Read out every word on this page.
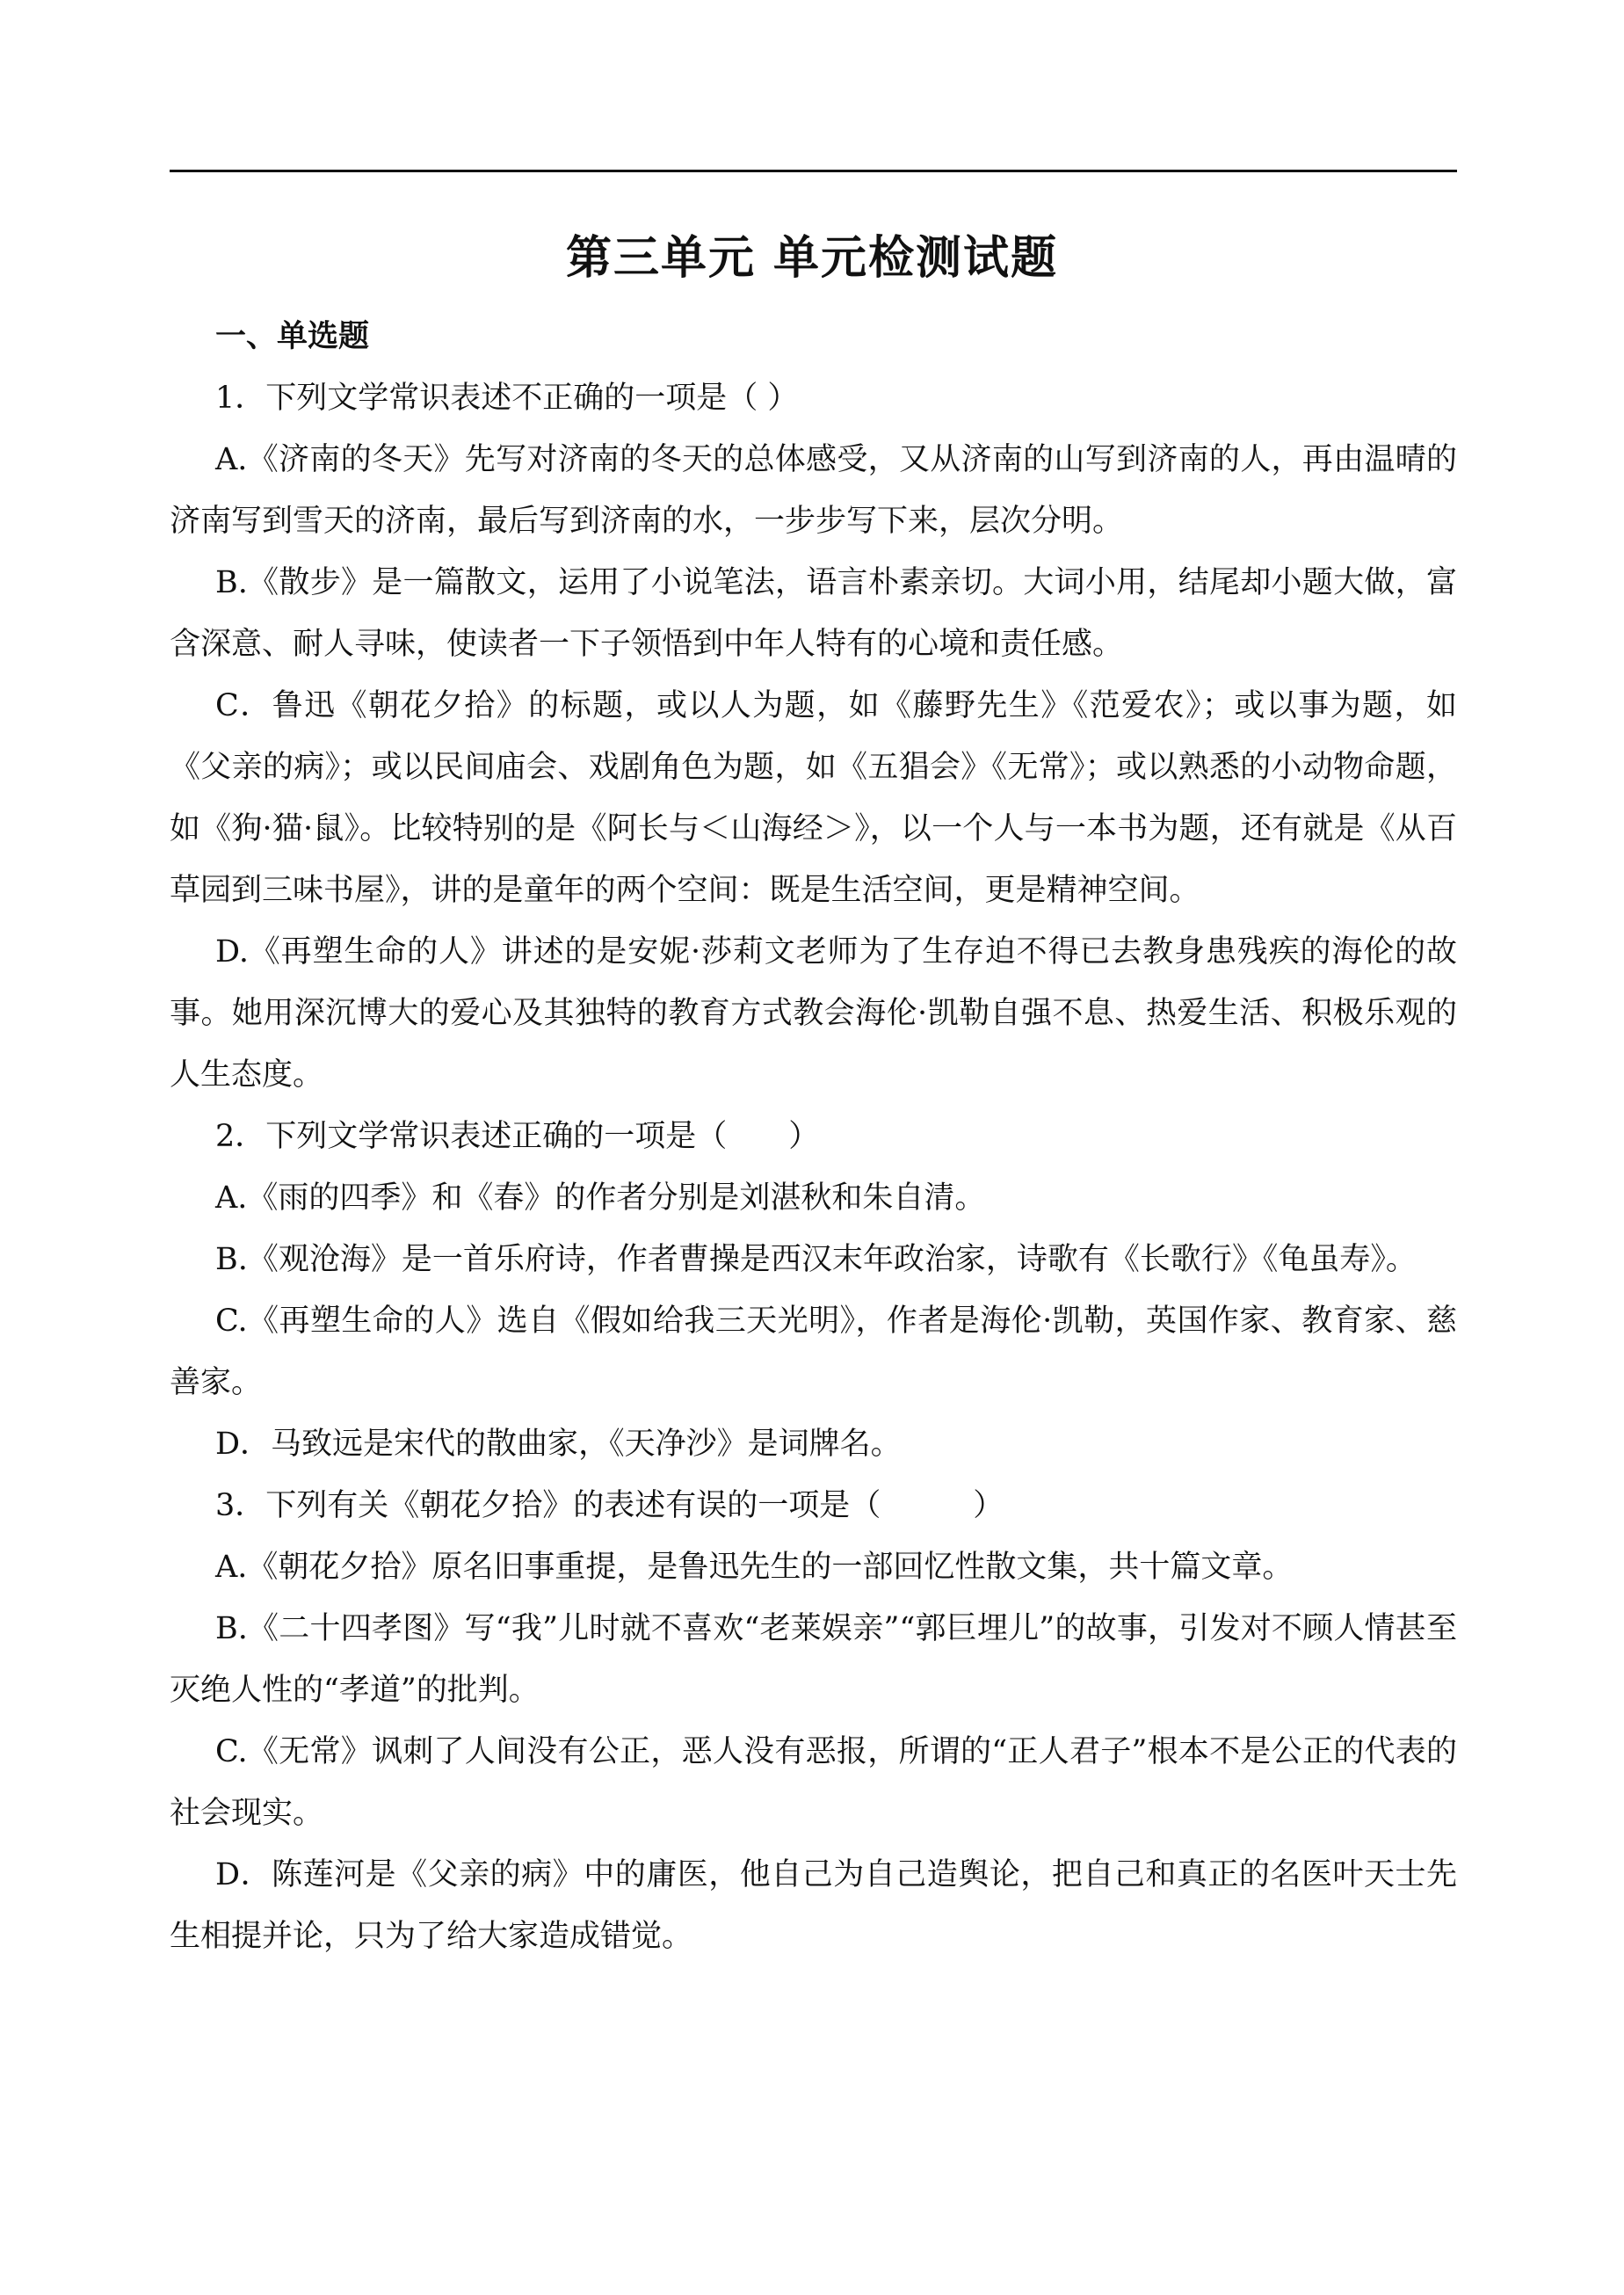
第三单元 单元检测试题
一、单选题
1．下列文学常识表述不正确的一项是（ ）
A.《济南的冬天》先写对济南的冬天的总体感受，又从济南的山写到济南的人，再由温晴的济南写到雪天的济南，最后写到济南的水，一步步写下来，层次分明。
B.《散步》是一篇散文，运用了小说笔法，语言朴素亲切。大词小用，结尾却小题大做，富含深意、耐人寻味，使读者一下子领悟到中年人特有的心境和责任感。
C．鲁迅《朝花夕拾》的标题，或以人为题，如《藤野先生》《范爱农》；或以事为题，如《父亲的病》；或以民间庙会、戏剧角色为题，如《五猖会》《无常》；或以熟悉的小动物命题，如《狗·猫·鼠》。比较特别的是《阿长与＜山海经＞》，以一个人与一本书为题，还有就是《从百草园到三味书屋》，讲的是童年的两个空间：既是生活空间，更是精神空间。
D.《再塑生命的人》讲述的是安妮·莎莉文老师为了生存迫不得已去教身患残疾的海伦的故事。她用深沉博大的爱心及其独特的教育方式教会海伦·凯勒自强不息、热爱生活、积极乐观的人生态度。
2．下列文学常识表述正确的一项是（　　）
A.《雨的四季》和《春》的作者分别是刘湛秋和朱自清。
B.《观沧海》是一首乐府诗，作者曹操是西汉末年政治家，诗歌有《长歌行》《龟虽寿》。
C.《再塑生命的人》选自《假如给我三天光明》，作者是海伦·凯勒，英国作家、教育家、慈善家。
D．马致远是宋代的散曲家，《天净沙》是词牌名。
3．下列有关《朝花夕拾》的表述有误的一项是（　　　）
A.《朝花夕拾》原名旧事重提，是鲁迅先生的一部回忆性散文集，共十篇文章。
B.《二十四孝图》写“我”儿时就不喜欢“老莱娱亲”“郭巨埋儿”的故事，引发对不顾人情甚至灭绝人性的“孝道”的批判。
C.《无常》讽刺了人间没有公正，恶人没有恶报，所谓的“正人君子”根本不是公正的代表的社会现实。
D．陈莲河是《父亲的病》中的庸医，他自己为自己造舆论，把自己和真正的名医叶天士先生相提并论，只为了给大家造成错觉。
